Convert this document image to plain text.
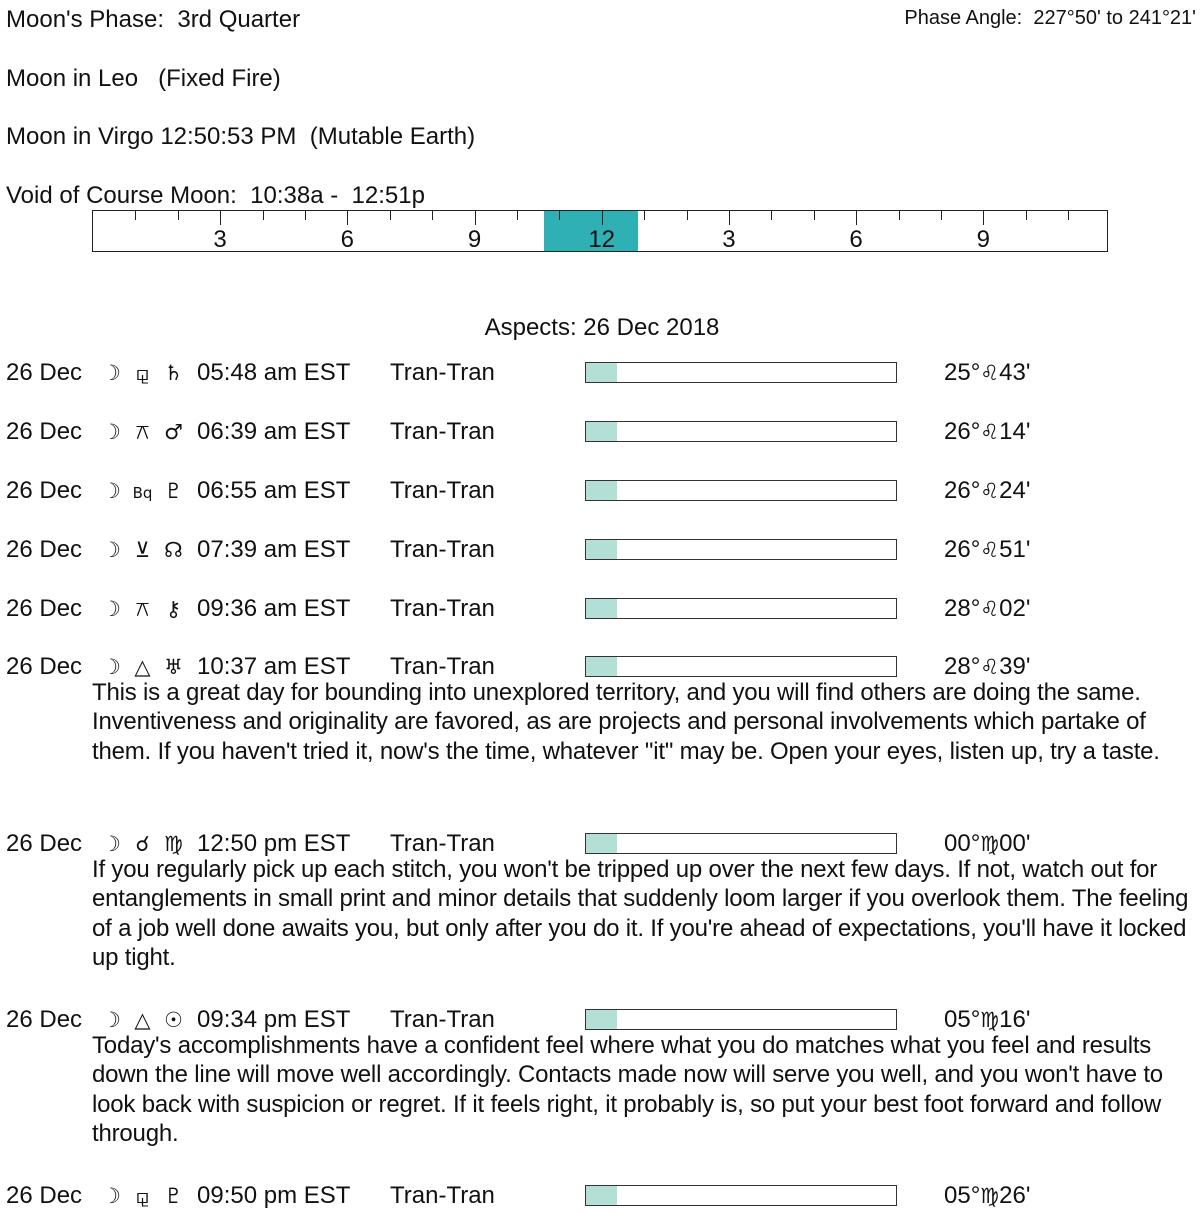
Moon's Phase:  3rd Quarter	Phase Angle:  227°50' to 241°21'
Moon in Leo   (Fixed Fire)
Moon in Virgo 12:50:53 PM  (Mutable Earth)
Void of Course Moon:  10:38a -  12:51p
3	6	9	12	3	6	9
Aspects: 26 Dec 2018
26 Dec ☽ ⚼ ♄ 05:48 am EST Tran-Tran	25°♌43'
26 Dec ☽ ⚻ ♂ 06:39 am EST Tran-Tran	26°♌14'
26 Dec ☽ Bq ♇ 06:55 am EST Tran-Tran	26°♌24'
26 Dec ☽ ⊻ ☊ 07:39 am EST Tran-Tran	26°♌51'
26 Dec ☽ ⚻ ⚷ 09:36 am EST Tran-Tran	28°♌02'
26 Dec ☽ △ ♅ 10:37 am EST Tran-Tran	28°♌39'
This is a great day for bounding into unexplored territory, and you will find others are doing the same. Inventiveness and originality are favored, as are projects and personal involvements which partake of them. If you haven't tried it, now's the time, whatever "it" may be. Open your eyes, listen up, try a taste.
26 Dec ☽ ☌ ♍ 12:50 pm EST Tran-Tran	00°♍00'
If you regularly pick up each stitch, you won't be tripped up over the next few days. If not, watch out for entanglements in small print and minor details that suddenly loom larger if you overlook them. The feeling of a job well done awaits you, but only after you do it. If you're ahead of expectations, you'll have it locked up tight.
26 Dec ☽ △ ☉ 09:34 pm EST Tran-Tran	05°♍16'
Today's accomplishments have a confident feel where what you do matches what you feel and results down the line will move well accordingly. Contacts made now will serve you well, and you won't have to look back with suspicion or regret. If it feels right, it probably is, so put your best foot forward and follow through.
26 Dec ☽ ⚼ ♇ 09:50 pm EST Tran-Tran	05°♍26'
